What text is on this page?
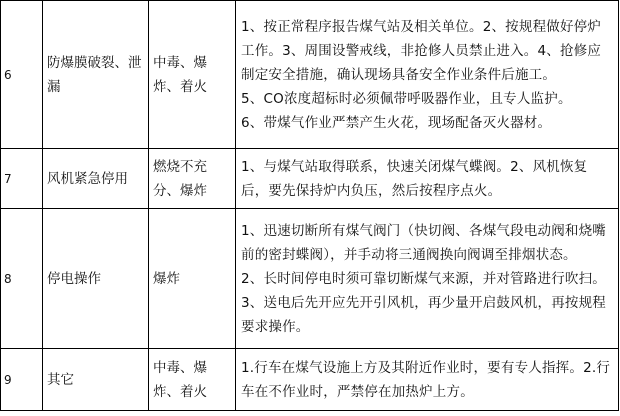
6	防爆膜破裂、泄漏	中毒、爆炸、着火	1、按正常程序报告煤气站及相关单位。2、按规程做好停炉工作。3、周围设警戒线，非抢修人员禁止进入。4、抢修应制定安全措施，确认现场具备安全作业条件后施工。
5、CO浓度超标时必须佩带呼吸器作业，且专人监护。
6、带煤气作业严禁产生火花，现场配备灭火器材。

7	风机紧急停用	燃烧不充分、爆炸	1、与煤气站取得联系，快速关闭煤气蝶阀。2、风机恢复后，要先保持炉内负压，然后按程序点火。

8	停电操作	爆炸	1、迅速切断所有煤气阀门（快切阀、各煤气段电动阀和烧嘴前的密封蝶阀），并手动将三通阀换向阀调至排烟状态。
2、长时间停电时须可靠切断煤气来源，并对管路进行吹扫。3、送电后先开应先开引风机，再少量开启鼓风机，再按规程要求操作。

9	其它	中毒、爆炸、着火	1.行车在煤气设施上方及其附近作业时，要有专人指挥。2.行车在不作业时，严禁停在加热炉上方。
